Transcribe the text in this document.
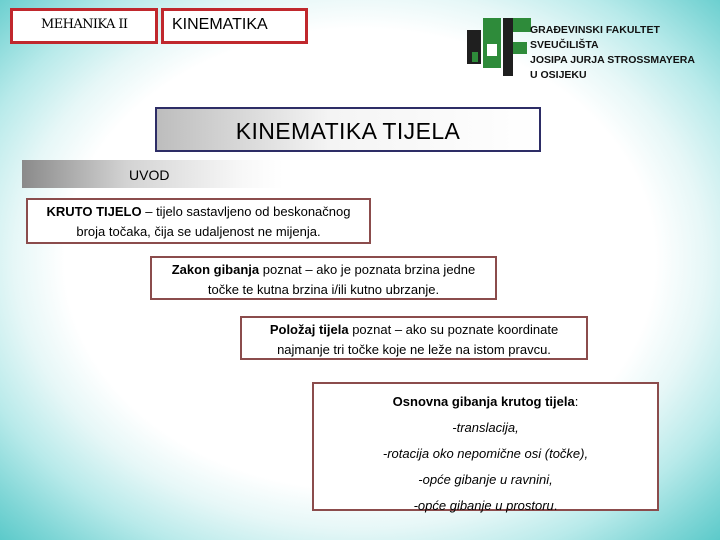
MEHANIKA II	KINEMATIKA	GRAĐEVINSKI FAKULTET
SVEUČILIŠTA
JOSIPA JURJA STROSSMAYERA
U OSIJEKU
KINEMATIKA TIJELA
UVOD
KRUTO TIJELO – tijelo sastavljeno od beskonačnog
broja točaka, čija se udaljenost ne mijenja.
Zakon gibanja poznat – ako je poznata brzina jedne
točke te kutna brzina i/ili kutno ubrzanje.
Položaj tijela poznat – ako su poznate koordinate
najmanje tri točke koje ne leže na istom pravcu.
Osnovna gibanja krutog tijela:
-translacija,
-rotacija oko nepomične osi (točke),
-opće gibanje u ravnini,
-opće gibanje u prostoru.
